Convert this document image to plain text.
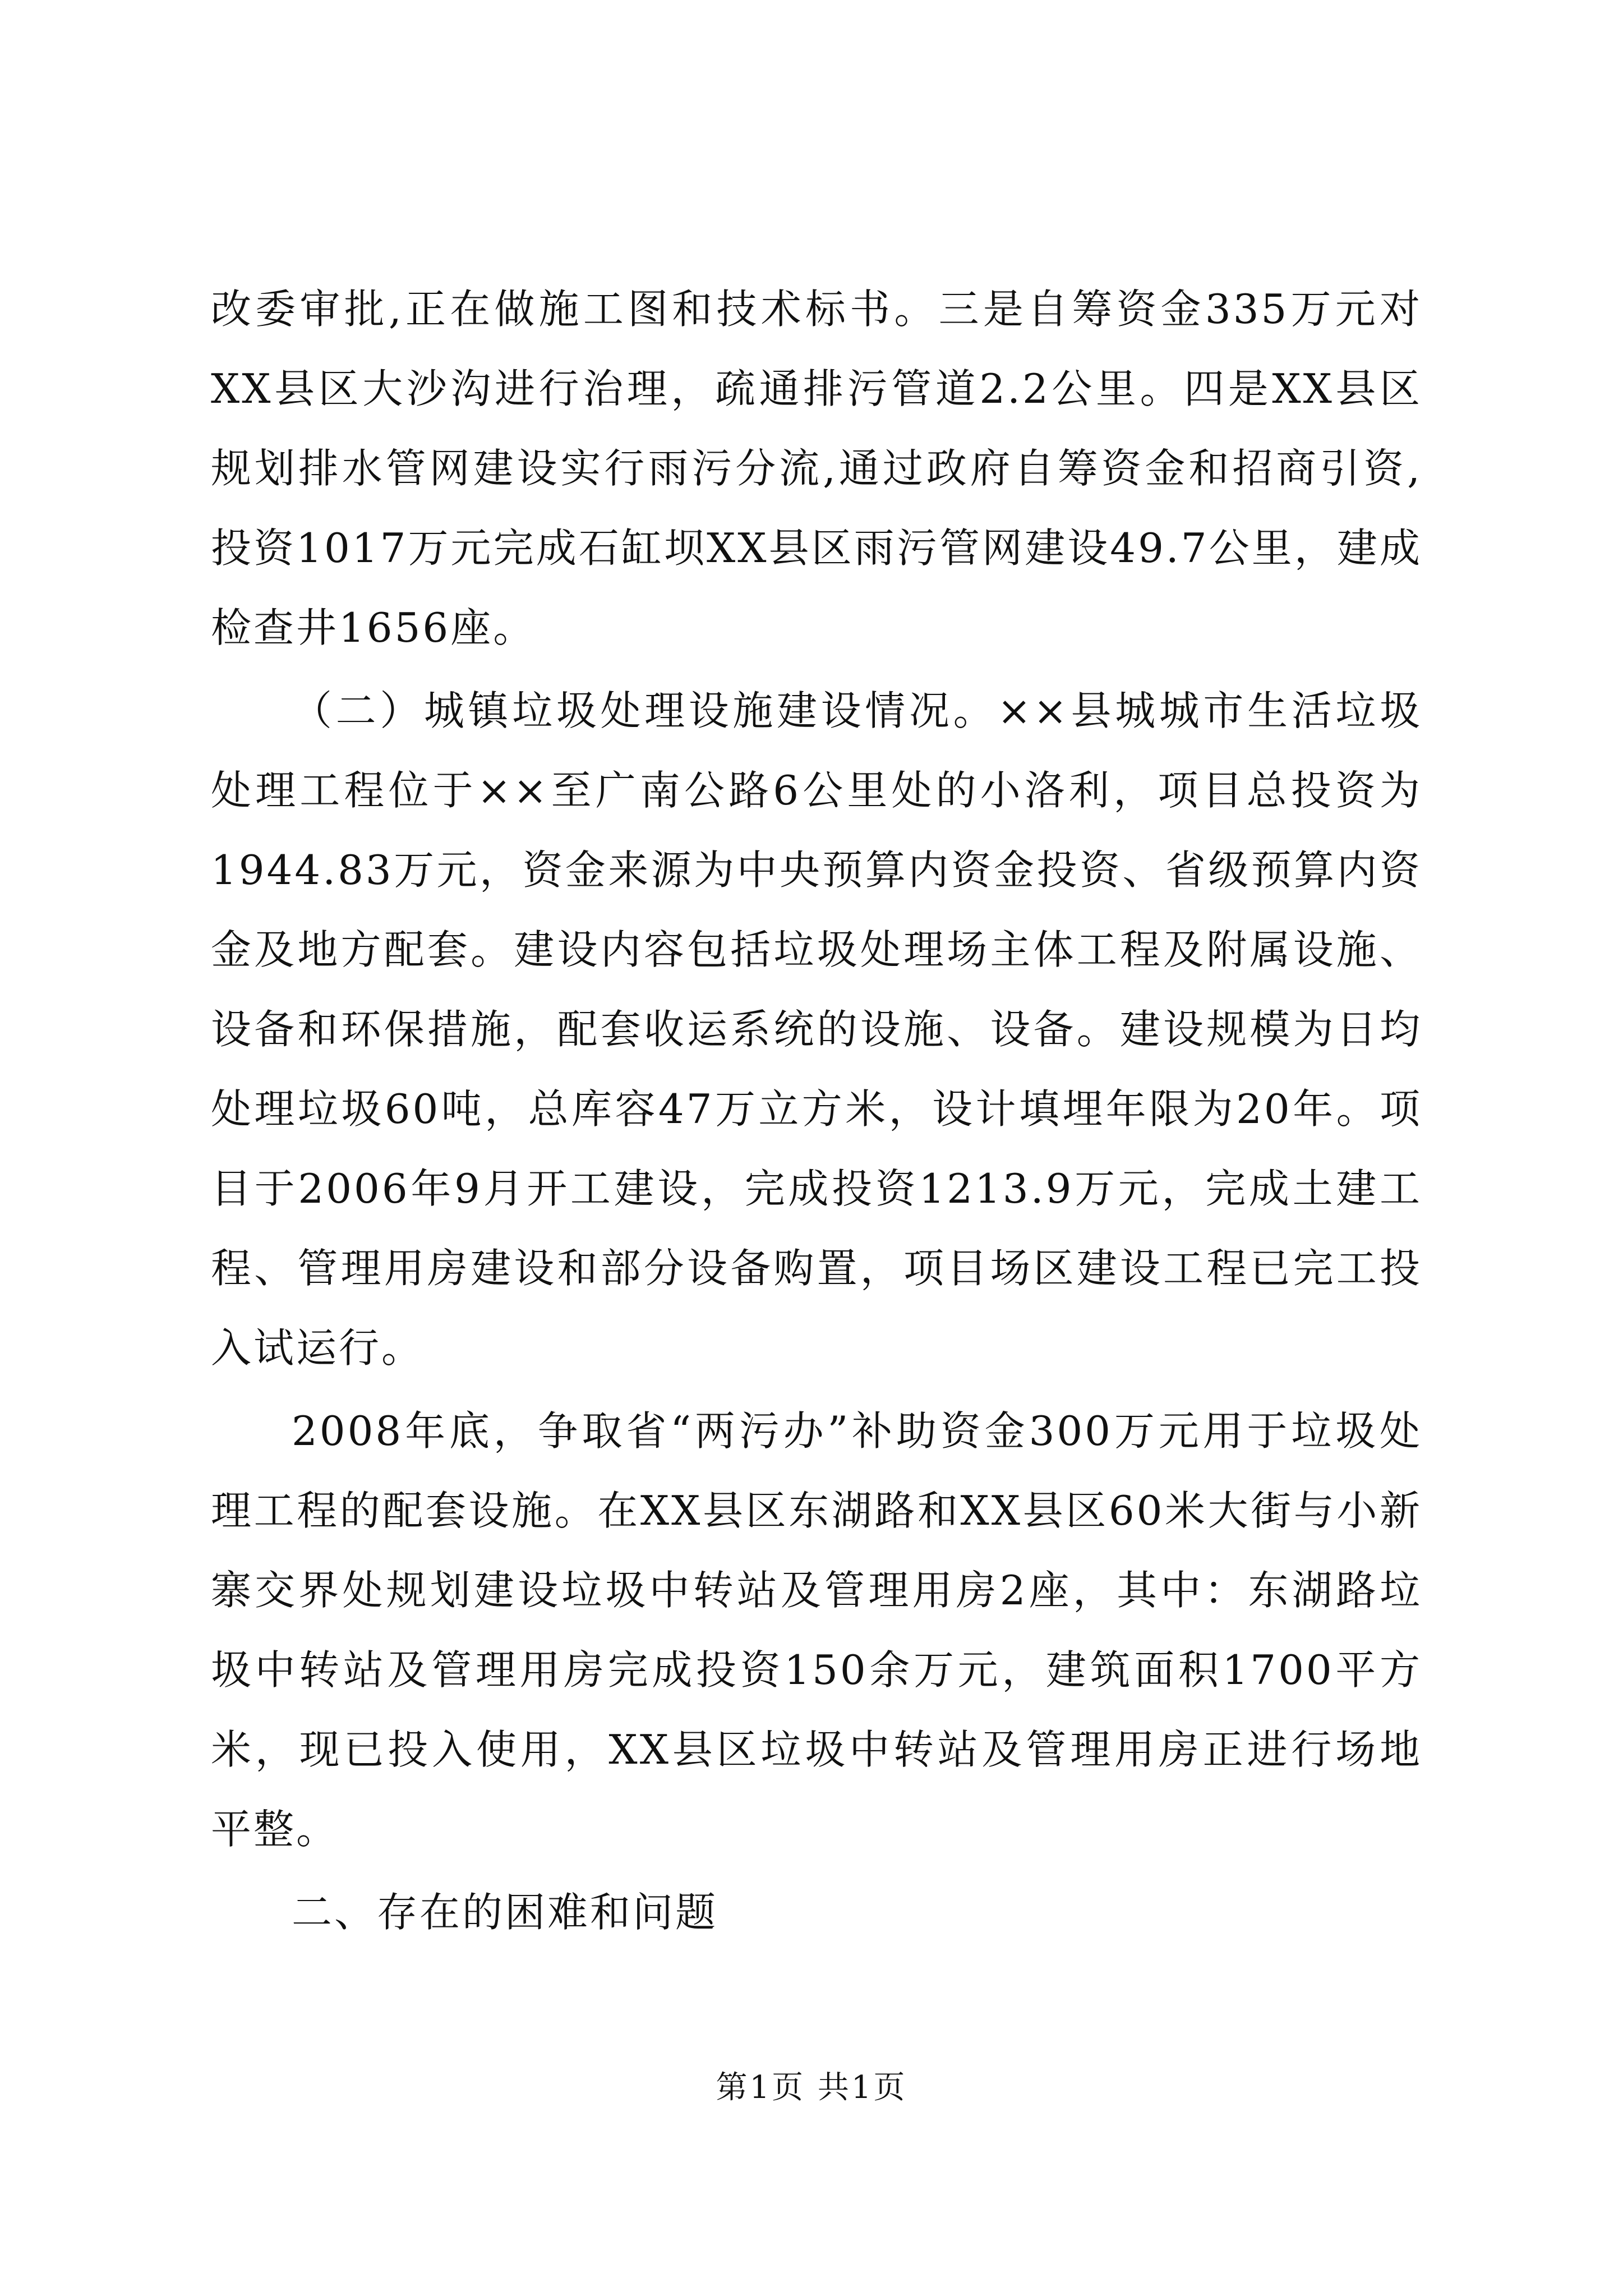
改委审批,正在做施工图和技术标书。三是自筹资金335万元对XX县区大沙沟进行治理，疏通排污管道2.2公里。四是XX县区规划排水管网建设实行雨污分流,通过政府自筹资金和招商引资,投资1017万元完成石缸坝XX县区雨污管网建设49.7公里，建成检查井1656座。

（二）城镇垃圾处理设施建设情况。××县城城市生活垃圾处理工程位于××至广南公路6公里处的小洛利，项目总投资为1944.83万元，资金来源为中央预算内资金投资、省级预算内资金及地方配套。建设内容包括垃圾处理场主体工程及附属设施、设备和环保措施，配套收运系统的设施、设备。建设规模为日均处理垃圾60吨，总库容47万立方米，设计填埋年限为20年。项目于2006年9月开工建设，完成投资1213.9万元，完成土建工程、管理用房建设和部分设备购置，项目场区建设工程已完工投入试运行。

2008年底，争取省“两污办”补助资金300万元用于垃圾处理工程的配套设施。在XX县区东湖路和XX县区60米大街与小新寨交界处规划建设垃圾中转站及管理用房2座，其中：东湖路垃圾中转站及管理用房完成投资150余万元，建筑面积1700平方米，现已投入使用，XX县区垃圾中转站及管理用房正进行场地平整。

二、存在的困难和问题

第1页 共1页
